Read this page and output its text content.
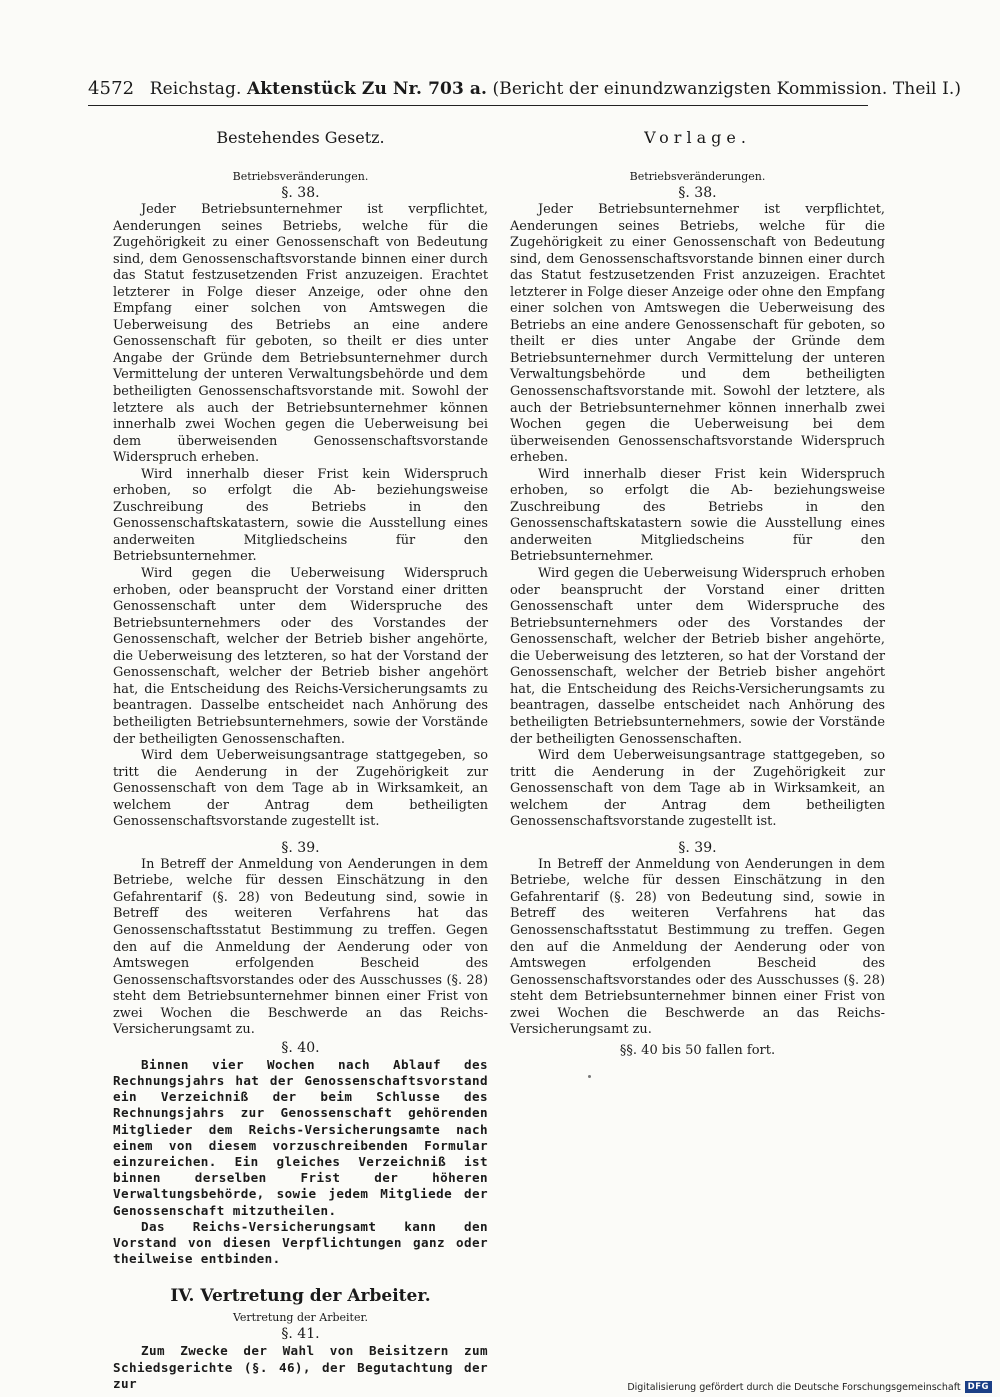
4572 Reichstag. Aktenstück Zu Nr. 703 a. (Bericht der einundzwanzigsten Kommission. Theil I.)
Bestehendes Gesetz.
Betriebsveränderungen.
§. 38.

Jeder Betriebsunternehmer ist verpflichtet, Aenderungen seines Betriebs, welche für die Zugehörigkeit zu einer Genossenschaft von Bedeutung sind, dem Genossenschaftsvorstande binnen einer durch das Statut festzusetzenden Frist anzuzeigen. Erachtet letzterer in Folge dieser Anzeige, oder ohne den Empfang einer solchen von Amtswegen die Ueberweisung des Betriebs an eine andere Genossenschaft für geboten, so theilt er dies unter Angabe der Gründe dem Betriebsunternehmer durch Vermittelung der unteren Verwaltungsbehörde und dem betheiligten Genossenschaftsvorstande mit. Sowohl der letztere als auch der Betriebsunternehmer können innerhalb zwei Wochen gegen die Ueberweisung bei dem überweisenden Genossenschaftsvorstande Widerspruch erheben.

Wird innerhalb dieser Frist kein Widerspruch erhoben, so erfolgt die Ab- beziehungsweise Zuschreibung des Betriebs in den Genossenschaftskatastern, sowie die Ausstellung eines anderweiten Mitgliedscheins für den Betriebsunternehmer.

Wird gegen die Ueberweisung Widerspruch erhoben, oder beansprucht der Vorstand einer dritten Genossenschaft unter dem Widerspruche des Betriebsunternehmers oder des Vorstandes der Genossenschaft, welcher der Betrieb bisher angehörte, die Ueberweisung des letzteren, so hat der Vorstand der Genossenschaft, welcher der Betrieb bisher angehört hat, die Entscheidung des Reichs-Versicherungsamts zu beantragen. Dasselbe entscheidet nach Anhörung des betheiligten Betriebsunternehmers, sowie der Vorstände der betheiligten Genossenschaften.

Wird dem Ueberweisungsantrage stattgegeben, so tritt die Aenderung in der Zugehörigkeit zur Genossenschaft von dem Tage ab in Wirksamkeit, an welchem der Antrag dem betheiligten Genossenschaftsvorstande zugestellt ist.

§. 39.

In Betreff der Anmeldung von Aenderungen in dem Betriebe, welche für dessen Einschätzung in den Gefahrentarif (§. 28) von Bedeutung sind, sowie in Betreff des weiteren Verfahrens hat das Genossenschaftsstatut Bestimmung zu treffen. Gegen den auf die Anmeldung der Aenderung oder von Amtswegen erfolgenden Bescheid des Genossenschaftsvorstandes oder des Ausschusses (§. 28) steht dem Betriebsunternehmer binnen einer Frist von zwei Wochen die Beschwerde an das Reichs-Versicherungsamt zu.

§. 40.

Binnen vier Wochen nach Ablauf des Rechnungsjahrs hat der Genossenschaftsvorstand ein Verzeichniß der beim Schlusse des Rechnungsjahrs zur Genossenschaft gehörenden Mitglieder dem Reichs-Versicherungsamte nach einem von diesem vorzuschreibenden Formular einzureichen. Ein gleiches Verzeichniß ist binnen derselben Frist der höheren Verwaltungsbehörde, sowie jedem Mitgliede der Genossenschaft mitzutheilen.

Das Reichs-Versicherungsamt kann den Vorstand von diesen Verpflichtungen ganz oder theilweise entbinden.

IV. Vertretung der Arbeiter.
Vertretung der Arbeiter.
§. 41.

Zum Zwecke der Wahl von Beisitzern zum Schiedsgerichte (§. 46), der Begutachtung der zur

Vorlage.
Betriebsveränderungen.
§. 38.

Jeder Betriebsunternehmer ist verpflichtet, Aenderungen seines Betriebs, welche für die Zugehörigkeit zu einer Genossenschaft von Bedeutung sind, dem Genossenschaftsvorstande binnen einer durch das Statut festzusetzenden Frist anzuzeigen. Erachtet letzterer in Folge dieser Anzeige oder ohne den Empfang einer solchen von Amtswegen die Ueberweisung des Betriebs an eine andere Genossenschaft für geboten, so theilt er dies unter Angabe der Gründe dem Betriebsunternehmer durch Vermittelung der unteren Verwaltungsbehörde und dem betheiligten Genossenschaftsvorstande mit. Sowohl der letztere, als auch der Betriebsunternehmer können innerhalb zwei Wochen gegen die Ueberweisung bei dem überweisenden Genossenschaftsvorstande Widerspruch erheben.

Wird innerhalb dieser Frist kein Widerspruch erhoben, so erfolgt die Ab- beziehungsweise Zuschreibung des Betriebs in den Genossenschaftskatastern sowie die Ausstellung eines anderweiten Mitgliedscheins für den Betriebsunternehmer.

Wird gegen die Ueberweisung Widerspruch erhoben oder beansprucht der Vorstand einer dritten Genossenschaft unter dem Widerspruche des Betriebsunternehmers oder des Vorstandes der Genossenschaft, welcher der Betrieb bisher angehörte, die Ueberweisung des letzteren, so hat der Vorstand der Genossenschaft, welcher der Betrieb bisher angehört hat, die Entscheidung des Reichs-Versicherungsamts zu beantragen, dasselbe entscheidet nach Anhörung des betheiligten Betriebsunternehmers, sowie der Vorstände der betheiligten Genossenschaften.

Wird dem Ueberweisungsantrage stattgegeben, so tritt die Aenderung in der Zugehörigkeit zur Genossenschaft von dem Tage ab in Wirksamkeit, an welchem der Antrag dem betheiligten Genossenschaftsvorstande zugestellt ist.

§. 39.

In Betreff der Anmeldung von Aenderungen in dem Betriebe, welche für dessen Einschätzung in den Gefahrentarif (§. 28) von Bedeutung sind, sowie in Betreff des weiteren Verfahrens hat das Genossenschaftsstatut Bestimmung zu treffen. Gegen den auf die Anmeldung der Aenderung oder von Amtswegen erfolgenden Bescheid des Genossenschaftsvorstandes oder des Ausschusses (§. 28) steht dem Betriebsunternehmer binnen einer Frist von zwei Wochen die Beschwerde an das Reichs-Versicherungsamt zu.

§§. 40 bis 50 fallen fort.
Digitalisierung gefördert durch die Deutsche Forschungsgemeinschaft DFG
